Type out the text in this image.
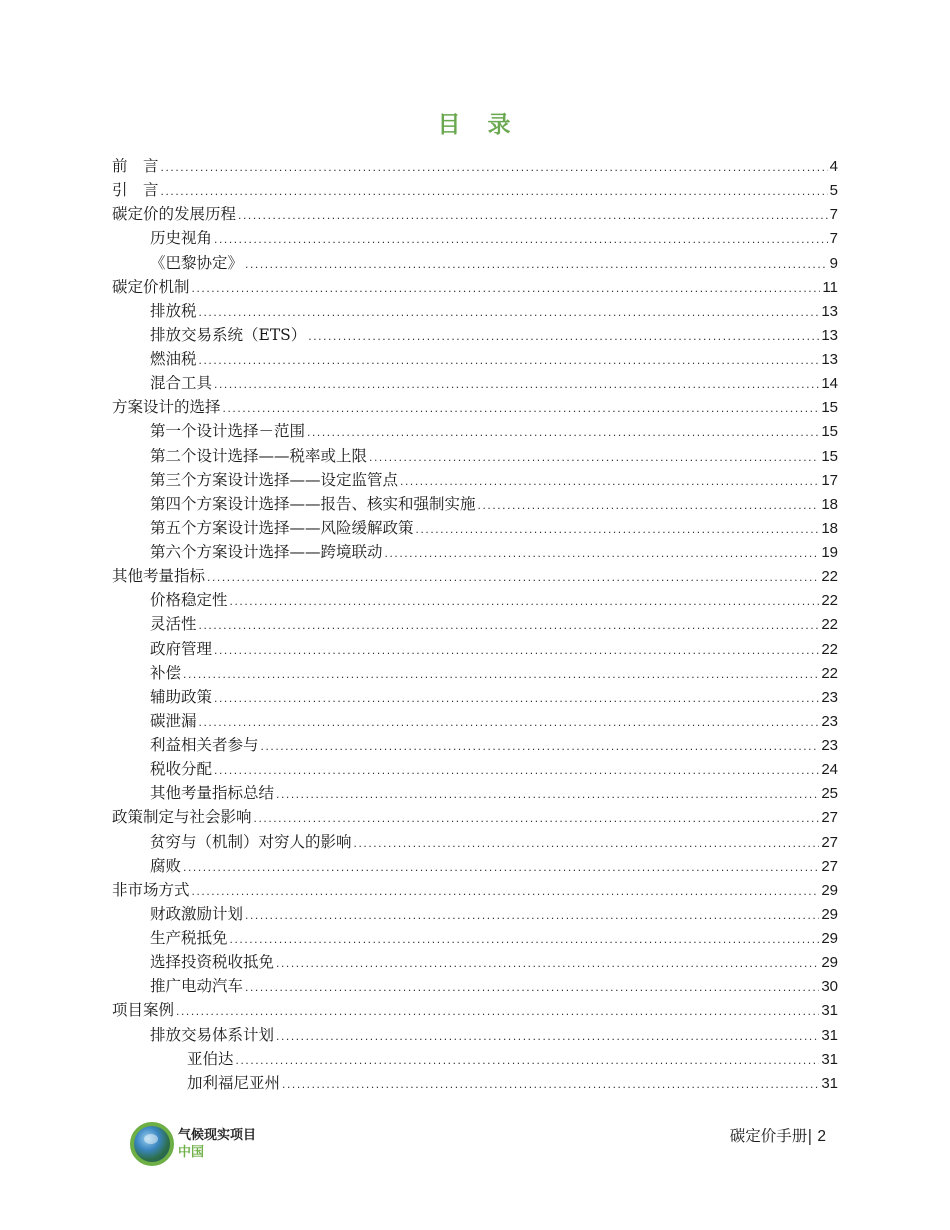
目　录
前　言 .....	4
引　言 .....	5
碳定价的发展历程 .....	7
历史视角 .....	7
《巴黎协定》 .....	9
碳定价机制 .....	11
排放税 .....	13
排放交易系统（ETS） .....	13
燃油税 .....	13
混合工具 .....	14
方案设计的选择 .....	15
第一个设计选择－范围 .....	15
第二个设计选择——税率或上限 .....	15
第三个方案设计选择——设定监管点 .....	17
第四个方案设计选择——报告、核实和强制实施 .....	18
第五个方案设计选择——风险缓解政策 .....	18
第六个方案设计选择——跨境联动 .....	19
其他考量指标 .....	22
价格稳定性 .....	22
灵活性 .....	22
政府管理 .....	22
补偿 .....	22
辅助政策 .....	23
碳泄漏 .....	23
利益相关者参与 .....	23
税收分配 .....	24
其他考量指标总结 .....	25
政策制定与社会影响 .....	27
贫穷与（机制）对穷人的影响 .....	27
腐败 .....	27
非市场方式 .....	29
财政激励计划 .....	29
生产税抵免 .....	29
选择投资税收抵免 .....	29
推广电动汽车 .....	30
项目案例 .....	31
排放交易体系计划 .....	31
亚伯达 .....	31
加利福尼亚州 .....	31
气候现实项目
中国
碳定价手册| 2
